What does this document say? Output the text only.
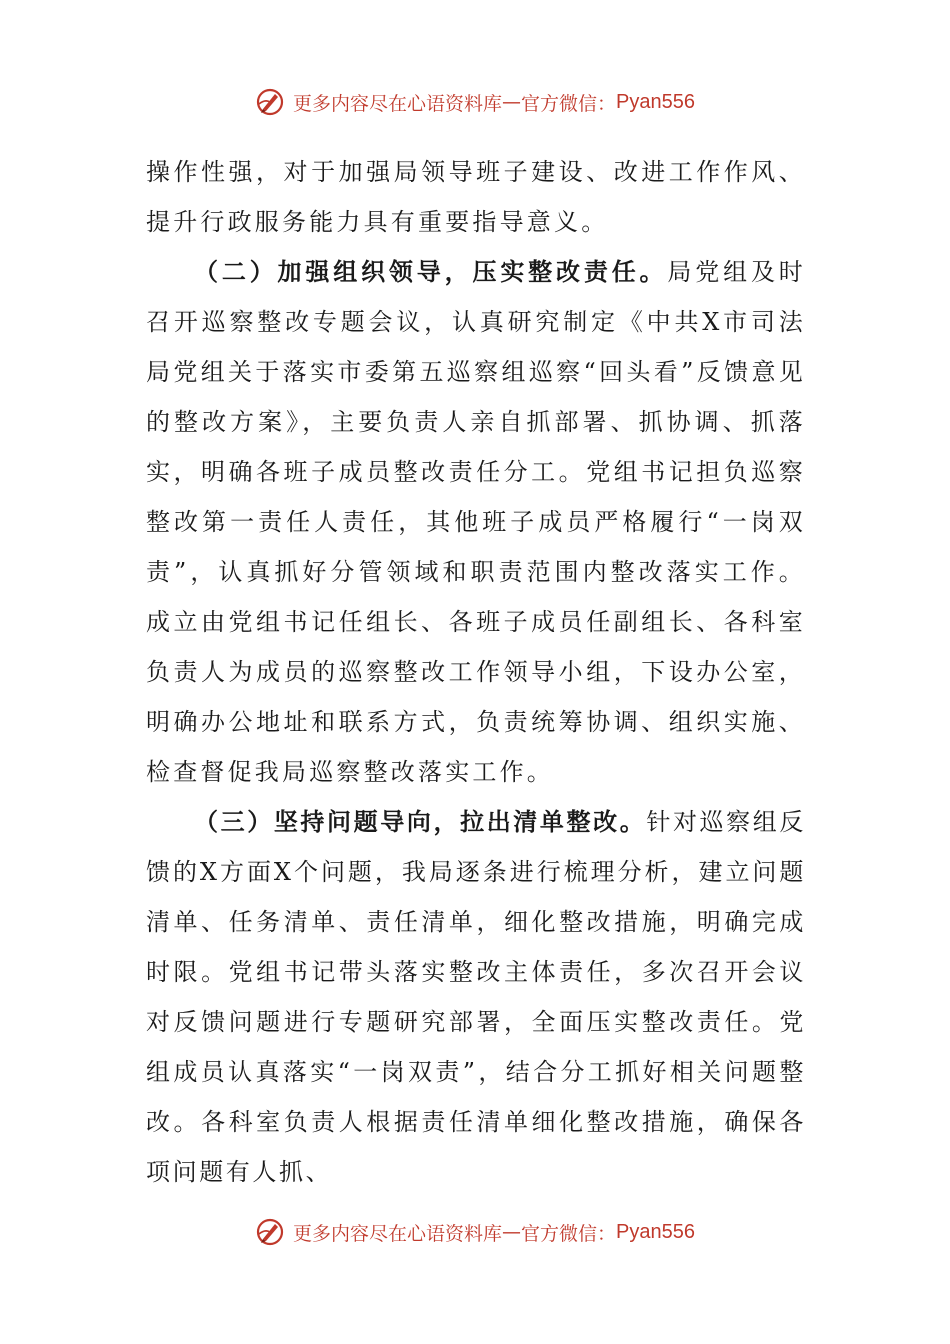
更多内容尽在心语资料库 — 官方微信： Pyan556

操作性强，对于加强局领导班子建设、改进工作作风、提升行政服务能力具有重要指导意义。

（二）加强组织领导，压实整改责任。局党组及时召开巡察整改专题会议，认真研究制定《中共X市司法局党组关于落实市委第五巡察组巡察“回头看”反馈意见的整改方案》，主要负责人亲自抓部署、抓协调、抓落实，明确各班子成员整改责任分工。党组书记担负巡察整改第一责任人责任，其他班子成员严格履行“一岗双责”，认真抓好分管领域和职责范围内整改落实工作。成立由党组书记任组长、各班子成员任副组长、各科室负责人为成员的巡察整改工作领导小组，下设办公室，明确办公地址和联系方式，负责统筹协调、组织实施、检查督促我局巡察整改落实工作。

（三）坚持问题导向，拉出清单整改。针对巡察组反馈的X方面X个问题，我局逐条进行梳理分析，建立问题清单、任务清单、责任清单，细化整改措施，明确完成时限。党组书记带头落实整改主体责任，多次召开会议对反馈问题进行专题研究部署，全面压实整改责任。党组成员认真落实“一岗双责”，结合分工抓好相关问题整改。各科室负责人根据责任清单细化整改措施，确保各项问题有人抓、

更多内容尽在心语资料库 — 官方微信： Pyan556
